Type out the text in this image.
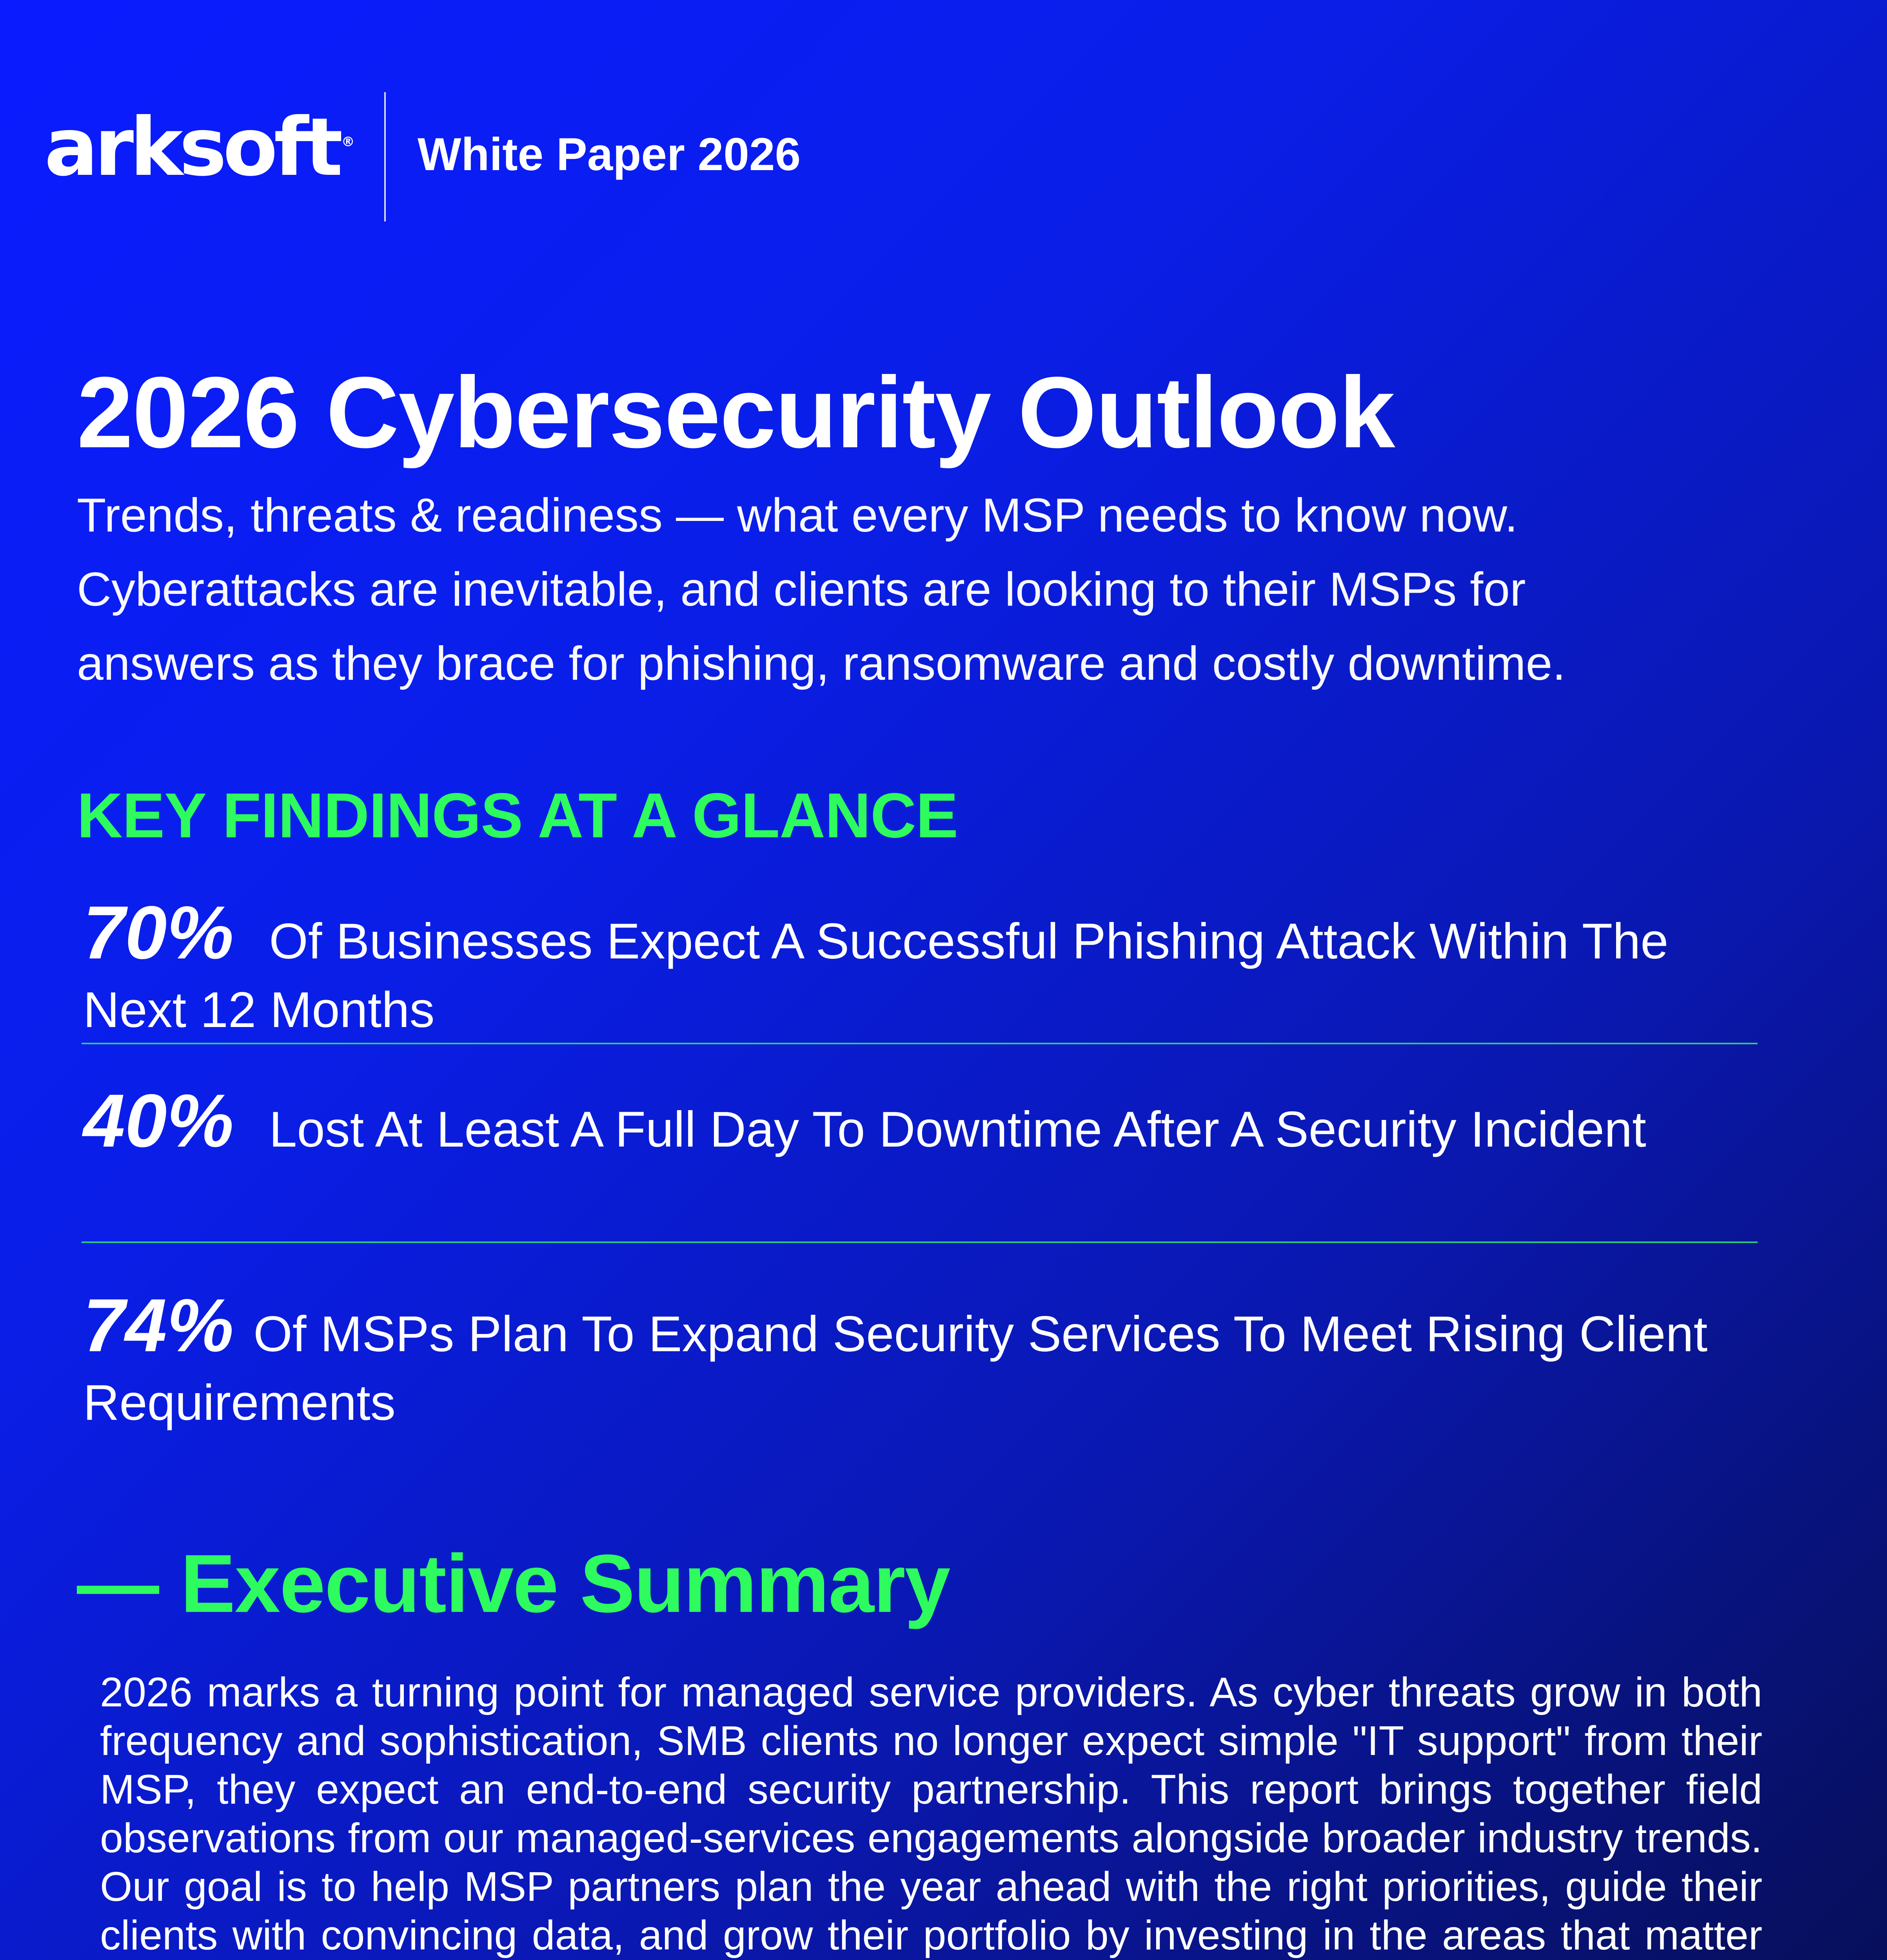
arksoft ® White Paper 2026
2026 Cybersecurity Outlook
Trends, threats & readiness — what every MSP needs to know now.
Cyberattacks are inevitable, and clients are looking to their MSPs for
answers as they brace for phishing, ransomware and costly downtime.
KEY FINDINGS AT A GLANCE
70% Of Businesses Expect A Successful Phishing Attack Within The Next 12 Months
40% Lost At Least A Full Day To Downtime After A Security Incident
74% Of MSPs Plan To Expand Security Services To Meet Rising Client Requirements
— Executive Summary
2026 marks a turning point for managed service providers. As cyber threats grow in both frequency and sophistication, SMB clients no longer expect simple "IT support" from their MSP, they expect an end-to-end security partnership. This report brings together field observations from our managed-services engagements alongside broader industry trends. Our goal is to help MSP partners plan the year ahead with the right priorities, guide their clients with convincing data, and grow their portfolio by investing in the areas that matter
